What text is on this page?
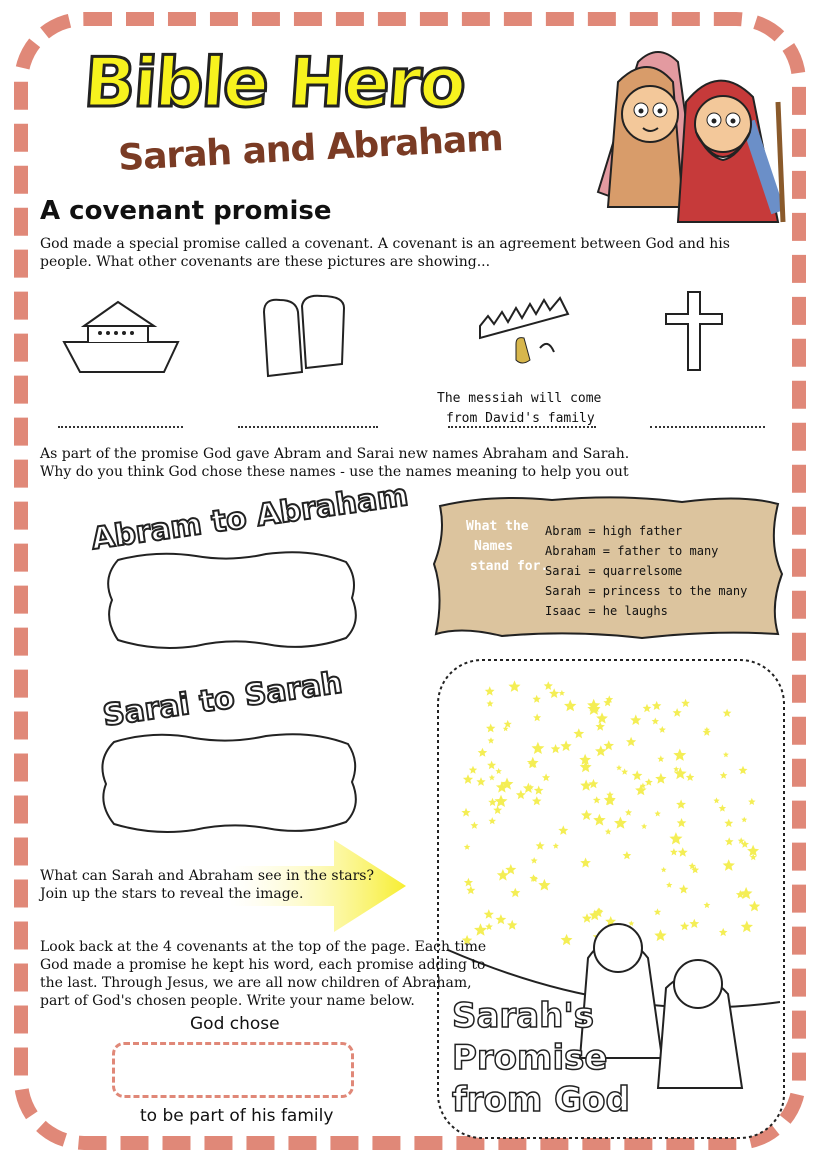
Bible Hero
Sarah and Abraham
A covenant promise
God made a special promise called a covenant. A covenant is an agreement between God and his people. What other covenants are these pictures are showing...
The messiah will come
from David's family
As part of the promise God gave Abram and Sarai new names Abraham and Sarah.
Why do you think God chose these names - use the names meaning to help you out
Abram to Abraham
Sarai to Sarah
What the
Names
stand for.
Abram = high father
Abraham = father to many
Sarai = quarrelsome
Sarah = princess to the many
Isaac = he laughs
What can Sarah and Abraham see in the stars?
Join up the stars to reveal the image.
Sarah's
Promise
from God
Look back at the 4 covenants at the top of the page. Each time
God made a promise he kept his word, each promise adding to
the last. Through Jesus, we are all now children of Abraham,
part of God's chosen people. Write your name below.
God chose
to be part of his family
